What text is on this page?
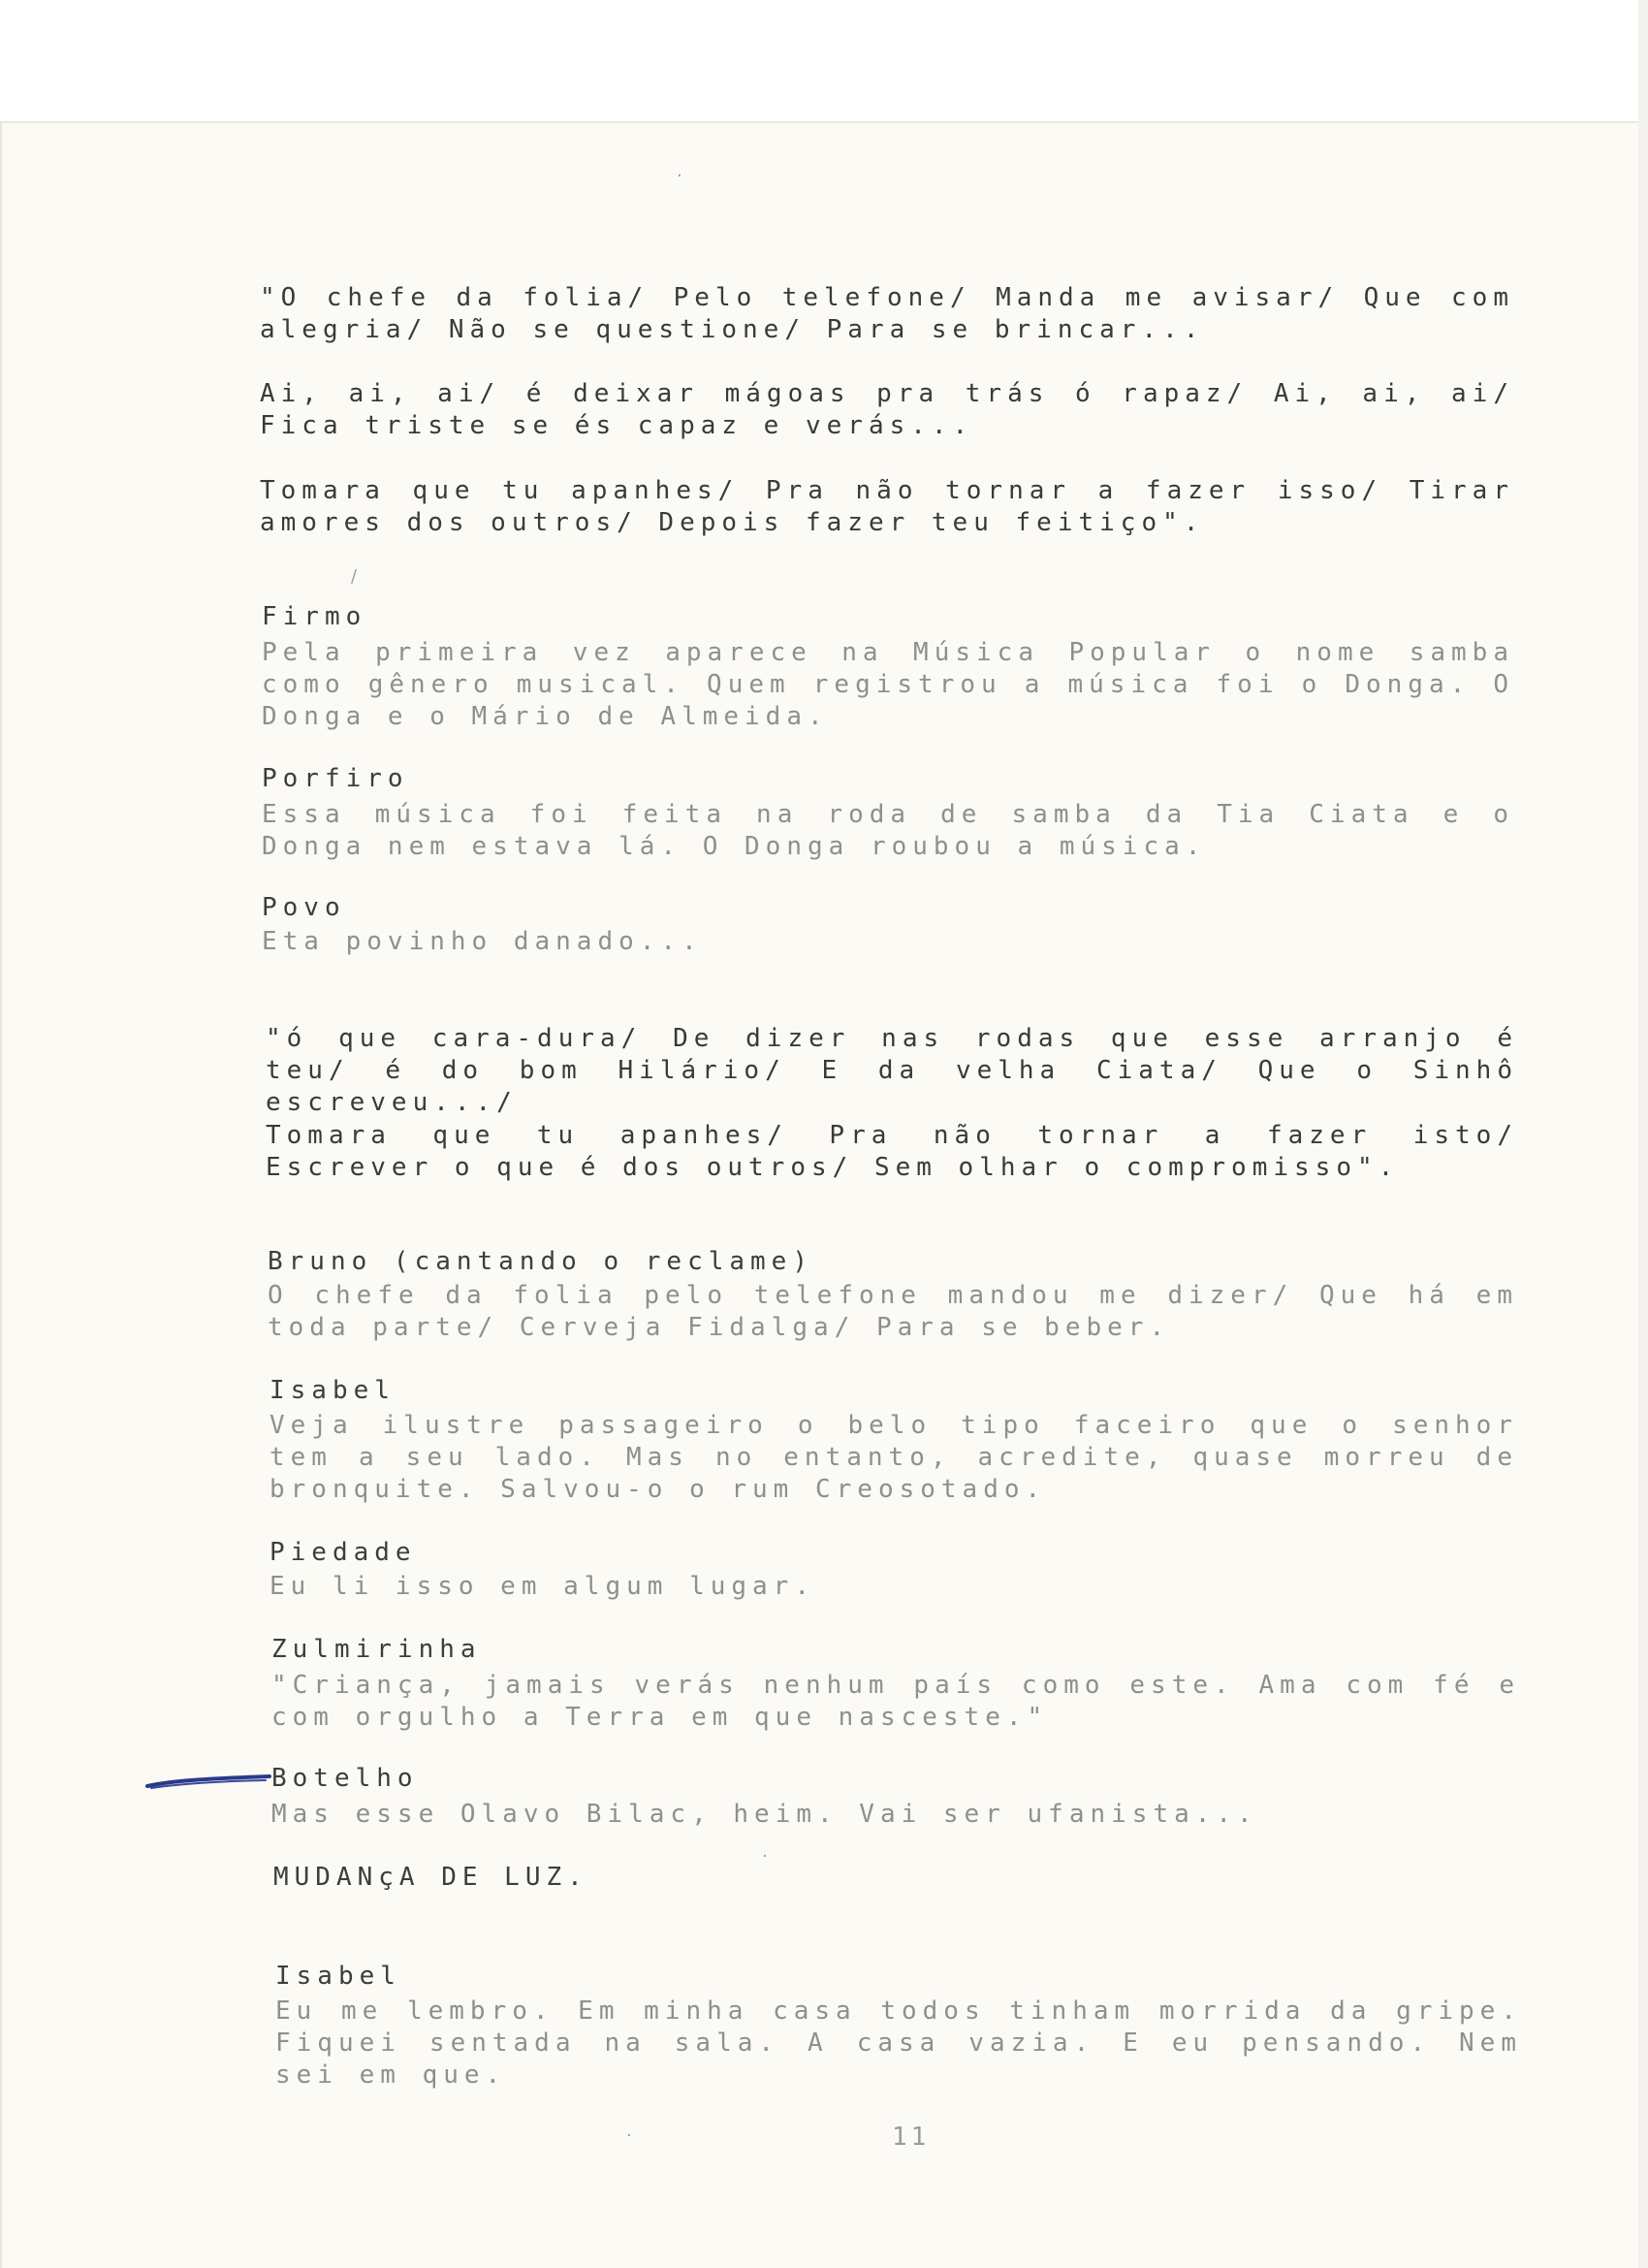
"O chefe da folia/ Pelo telefone/ Manda me avisar/ Que com alegria/ Não se questione/ Para se brincar...

Ai, ai, ai/ é deixar mágoas pra trás ó rapaz/ Ai, ai, ai/ Fica triste se és capaz e verás...

Tomara que tu apanhes/ Pra não tornar a fazer isso/ Tirar amores dos outros/ Depois fazer teu feitiço".

/
Firmo

Pela primeira vez aparece na Música Popular o nome samba como gênero musical. Quem registrou a música foi o Donga. O Donga e o Mário de Almeida.

Porfiro

Essa música foi feita na roda de samba da Tia Ciata e o Donga nem estava lá. O Donga roubou a música.

Povo

Eta povinho danado...

"ó que cara-dura/ De dizer nas rodas que esse arranjo é teu/ é do bom Hilário/ E da velha Ciata/ Que o Sinhô escreveu.../

Tomara que tu apanhes/ Pra não tornar a fazer isto/ Escrever o que é dos outros/ Sem olhar o compromisso".

Bruno (cantando o reclame)

O chefe da folia pelo telefone mandou me dizer/ Que há em toda parte/ Cerveja Fidalga/ Para se beber.

Isabel

Veja ilustre passageiro o belo tipo faceiro que o senhor tem a seu lado. Mas no entanto, acredite, quase morreu de bronquite. Salvou-o o rum Creosotado.

Piedade

Eu li isso em algum lugar.

Zulmirinha

"Criança, jamais verás nenhum país como este. Ama com fé e com orgulho a Terra em que nasceste."

Botelho

Mas esse Olavo Bilac, heim. Vai ser ufanista...

·
MUDANçA DE LUZ.
Isabel

Eu me lembro. Em minha casa todos tinham morrida da gripe. Fiquei sentada na sala. A casa vazia. E eu pensando. Nem sei em que.

11
·
·
